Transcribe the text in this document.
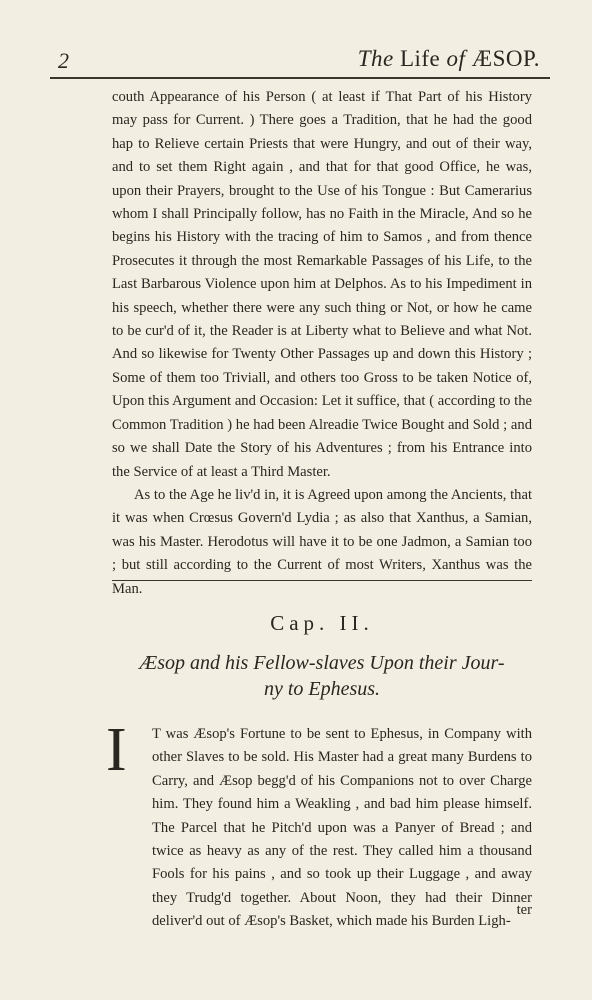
2	The Life of ÆSOP.

couth Appearance of his Person ( at least if That Part of his History may pass for Current. ) There goes a Tradition, that he had the good hap to Relieve certain Priests that were Hungry, and out of their way, and to set them Right again , and that for that good Office, he was, upon their Prayers, brought to the Use of his Tongue : But Camerarius whom I shall Principally follow, has no Faith in the Miracle, And so he begins his History with the tracing of him to Samos , and from thence Prosecutes it through the most Remarkable Passages of his Life, to the Last Barbarous Violence upon him at Delphos. As to his Impediment in his speech, whether there were any such thing or Not, or how he came to be cur'd of it, the Reader is at Liberty what to Believe and what Not. And so likewise for Twenty Other Passages up and down this History ; Some of them too Triviall, and others too Gross to be taken Notice of, Upon this Argument and Occasion: Let it suffice, that ( according to the Common Tradition ) he had been Alreadie Twice Bought and Sold ; and so we shall Date the Story of his Adventures ; from his Entrance into the Service of at least a Third Master.

As to the Age he liv'd in, it is Agreed upon among the Ancients, that it was when Crœsus Govern'd Lydia ; as also that Xanthus, a Samian, was his Master. Herodotus will have it to be one Jadmon, a Samian too ; but still according to the Current of most Writers, Xanthus was the Man.

Cap. II.
Æsop and his Fellow-slaves Upon their Jour-
ny to Ephesus.
I T was Æsop's Fortune to be sent to Ephesus, in Company with other Slaves to be sold. His Master had a great many Burdens to Carry, and Æsop begg'd of his Companions not to over Charge him. They found him a Weakling , and bad him please himself. The Parcel that he Pitch'd upon was a Panyer of Bread ; and twice as heavy as any of the rest. They called him a thousand Fools for his pains , and so took up their Luggage , and away they Trudg'd together. About Noon, they had their Dinner deliver'd out of Æsop's Basket, which made his Burden Ligh-

ter
